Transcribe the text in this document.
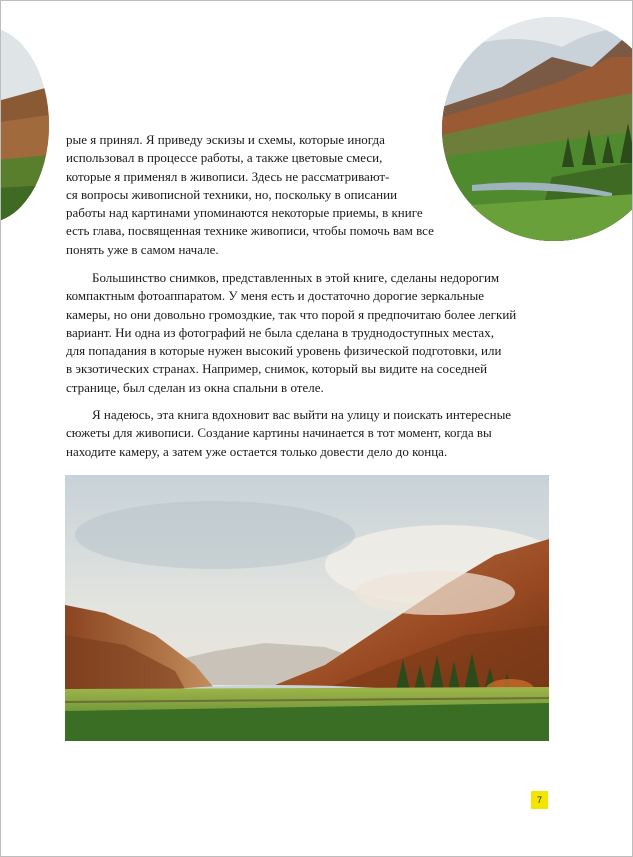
рые я принял. Я приведу эскизы и схемы, которые иногда
использовал в процессе работы, а также цветовые смеси,
которые я применял в живописи. Здесь не рассматривают-
ся вопросы живописной техники, но, поскольку в описании
работы над картинами упоминаются некоторые приемы, в книге
есть глава, посвященная технике живописи, чтобы помочь вам все
понять уже в самом начале.

Большинство снимков, представленных в этой книге, сделаны недорогим
компактным фотоаппаратом. У меня есть и достаточно дорогие зеркальные
камеры, но они довольно громоздкие, так что порой я предпочитаю более легкий
вариант. Ни одна из фотографий не была сделана в труднодоступных местах,
для попадания в которые нужен высокий уровень физической подготовки, или
в экзотических странах. Например, снимок, который вы видите на соседней
странице, был сделан из окна спальни в отеле.

Я надеюсь, эта книга вдохновит вас выйти на улицу и поискать интересные
сюжеты для живописи. Создание картины начинается в тот момент, когда вы
находите камеру, а затем уже остается только довести дело до конца.

7
